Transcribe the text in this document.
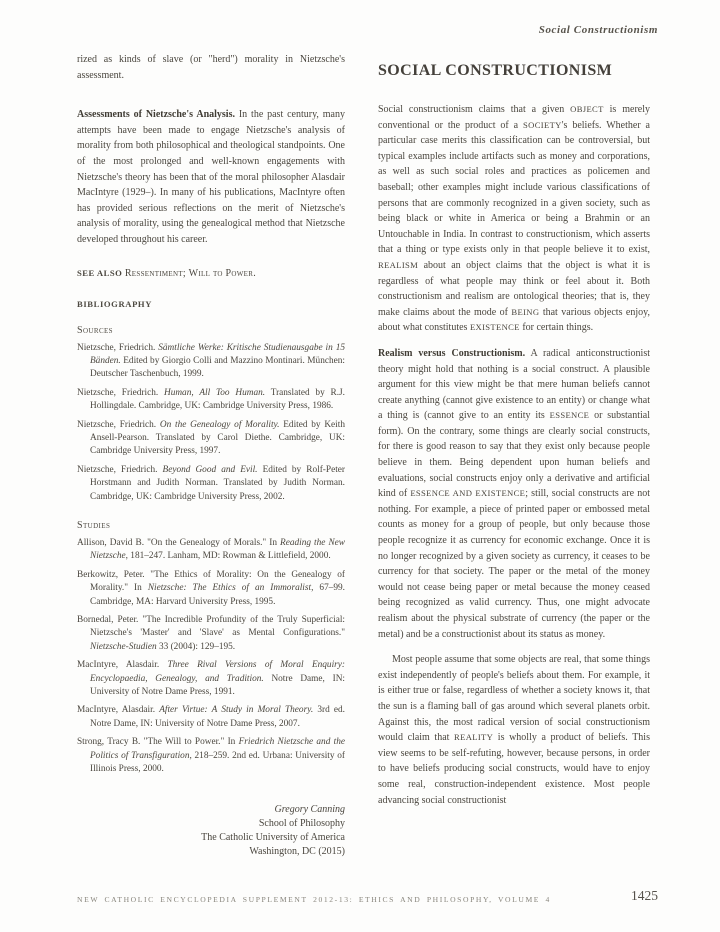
Social Constructionism
rized as kinds of slave (or "herd") morality in Nietzsche's assessment.
Assessments of Nietzsche's Analysis. In the past century, many attempts have been made to engage Nietzsche's analysis of morality from both philosophical and theological standpoints. One of the most prolonged and well-known engagements with Nietzsche's theory has been that of the moral philosopher Alasdair MacIntyre (1929–). In many of his publications, MacIntyre often has provided serious reflections on the merit of Nietzsche's analysis of morality, using the genealogical method that Nietzsche developed throughout his career.
SEE ALSO Ressentiment; Will to Power.
BIBLIOGRAPHY
Sources
Nietzsche, Friedrich. Sämtliche Werke: Kritische Studienausgabe in 15 Bänden. Edited by Giorgio Colli and Mazzino Montinari. München: Deutscher Taschenbuch, 1999.
Nietzsche, Friedrich. Human, All Too Human. Translated by R.J. Hollingdale. Cambridge, UK: Cambridge University Press, 1986.
Nietzsche, Friedrich. On the Genealogy of Morality. Edited by Keith Ansell-Pearson. Translated by Carol Diethe. Cambridge, UK: Cambridge University Press, 1997.
Nietzsche, Friedrich. Beyond Good and Evil. Edited by Rolf-Peter Horstmann and Judith Norman. Translated by Judith Norman. Cambridge, UK: Cambridge University Press, 2002.
Studies
Allison, David B. "On the Genealogy of Morals." In Reading the New Nietzsche, 181–247. Lanham, MD: Rowman & Littlefield, 2000.
Berkowitz, Peter. "The Ethics of Morality: On the Genealogy of Morality." In Nietzsche: The Ethics of an Immoralist, 67–99. Cambridge, MA: Harvard University Press, 1995.
Bornedal, Peter. "The Incredible Profundity of the Truly Superficial: Nietzsche's 'Master' and 'Slave' as Mental Configurations." Nietzsche-Studien 33 (2004): 129–195.
MacIntyre, Alasdair. Three Rival Versions of Moral Enquiry: Encyclopaedia, Genealogy, and Tradition. Notre Dame, IN: University of Notre Dame Press, 1991.
MacIntyre, Alasdair. After Virtue: A Study in Moral Theory. 3rd ed. Notre Dame, IN: University of Notre Dame Press, 2007.
Strong, Tracy B. "The Will to Power." In Friedrich Nietzsche and the Politics of Transfiguration, 218–259. 2nd ed. Urbana: University of Illinois Press, 2000.
Gregory Canning
School of Philosophy
The Catholic University of America
Washington, DC (2015)
SOCIAL CONSTRUCTIONISM
Social constructionism claims that a given OBJECT is merely conventional or the product of a SOCIETY's beliefs. Whether a particular case merits this classification can be controversial, but typical examples include artifacts such as money and corporations, as well as such social roles and practices as policemen and baseball; other examples might include various classifications of persons that are commonly recognized in a given society, such as being black or white in America or being a Brahmin or an Untouchable in India. In contrast to constructionism, which asserts that a thing or type exists only in that people believe it to exist, REALISM about an object claims that the object is what it is regardless of what people may think or feel about it. Both constructionism and realism are ontological theories; that is, they make claims about the mode of BEING that various objects enjoy, about what constitutes EXISTENCE for certain things.
Realism versus Constructionism. A radical anticonstructionist theory might hold that nothing is a social construct. A plausible argument for this view might be that mere human beliefs cannot create anything (cannot give existence to an entity) or change what a thing is (cannot give to an entity its ESSENCE or substantial form). On the contrary, some things are clearly social constructs, for there is good reason to say that they exist only because people believe in them. Being dependent upon human beliefs and evaluations, social constructs enjoy only a derivative and artificial kind of ESSENCE AND EXISTENCE; still, social constructs are not nothing. For example, a piece of printed paper or embossed metal counts as money for a group of people, but only because those people recognize it as currency for economic exchange. Once it is no longer recognized by a given society as currency, it ceases to be currency for that society. The paper or the metal of the money would not cease being paper or metal because the money ceased being recognized as valid currency. Thus, one might advocate realism about the physical substrate of currency (the paper or the metal) and be a constructionist about its status as money.
Most people assume that some objects are real, that some things exist independently of people's beliefs about them. For example, it is either true or false, regardless of whether a society knows it, that the sun is a flaming ball of gas around which several planets orbit. Against this, the most radical version of social constructionism would claim that REALITY is wholly a product of beliefs. This view seems to be self-refuting, however, because persons, in order to have beliefs producing social constructs, would have to enjoy some real, construction-independent existence. Most people advancing social constructionist
NEW CATHOLIC ENCYCLOPEDIA SUPPLEMENT 2012-13: ETHICS AND PHILOSOPHY, VOLUME 4	1425
